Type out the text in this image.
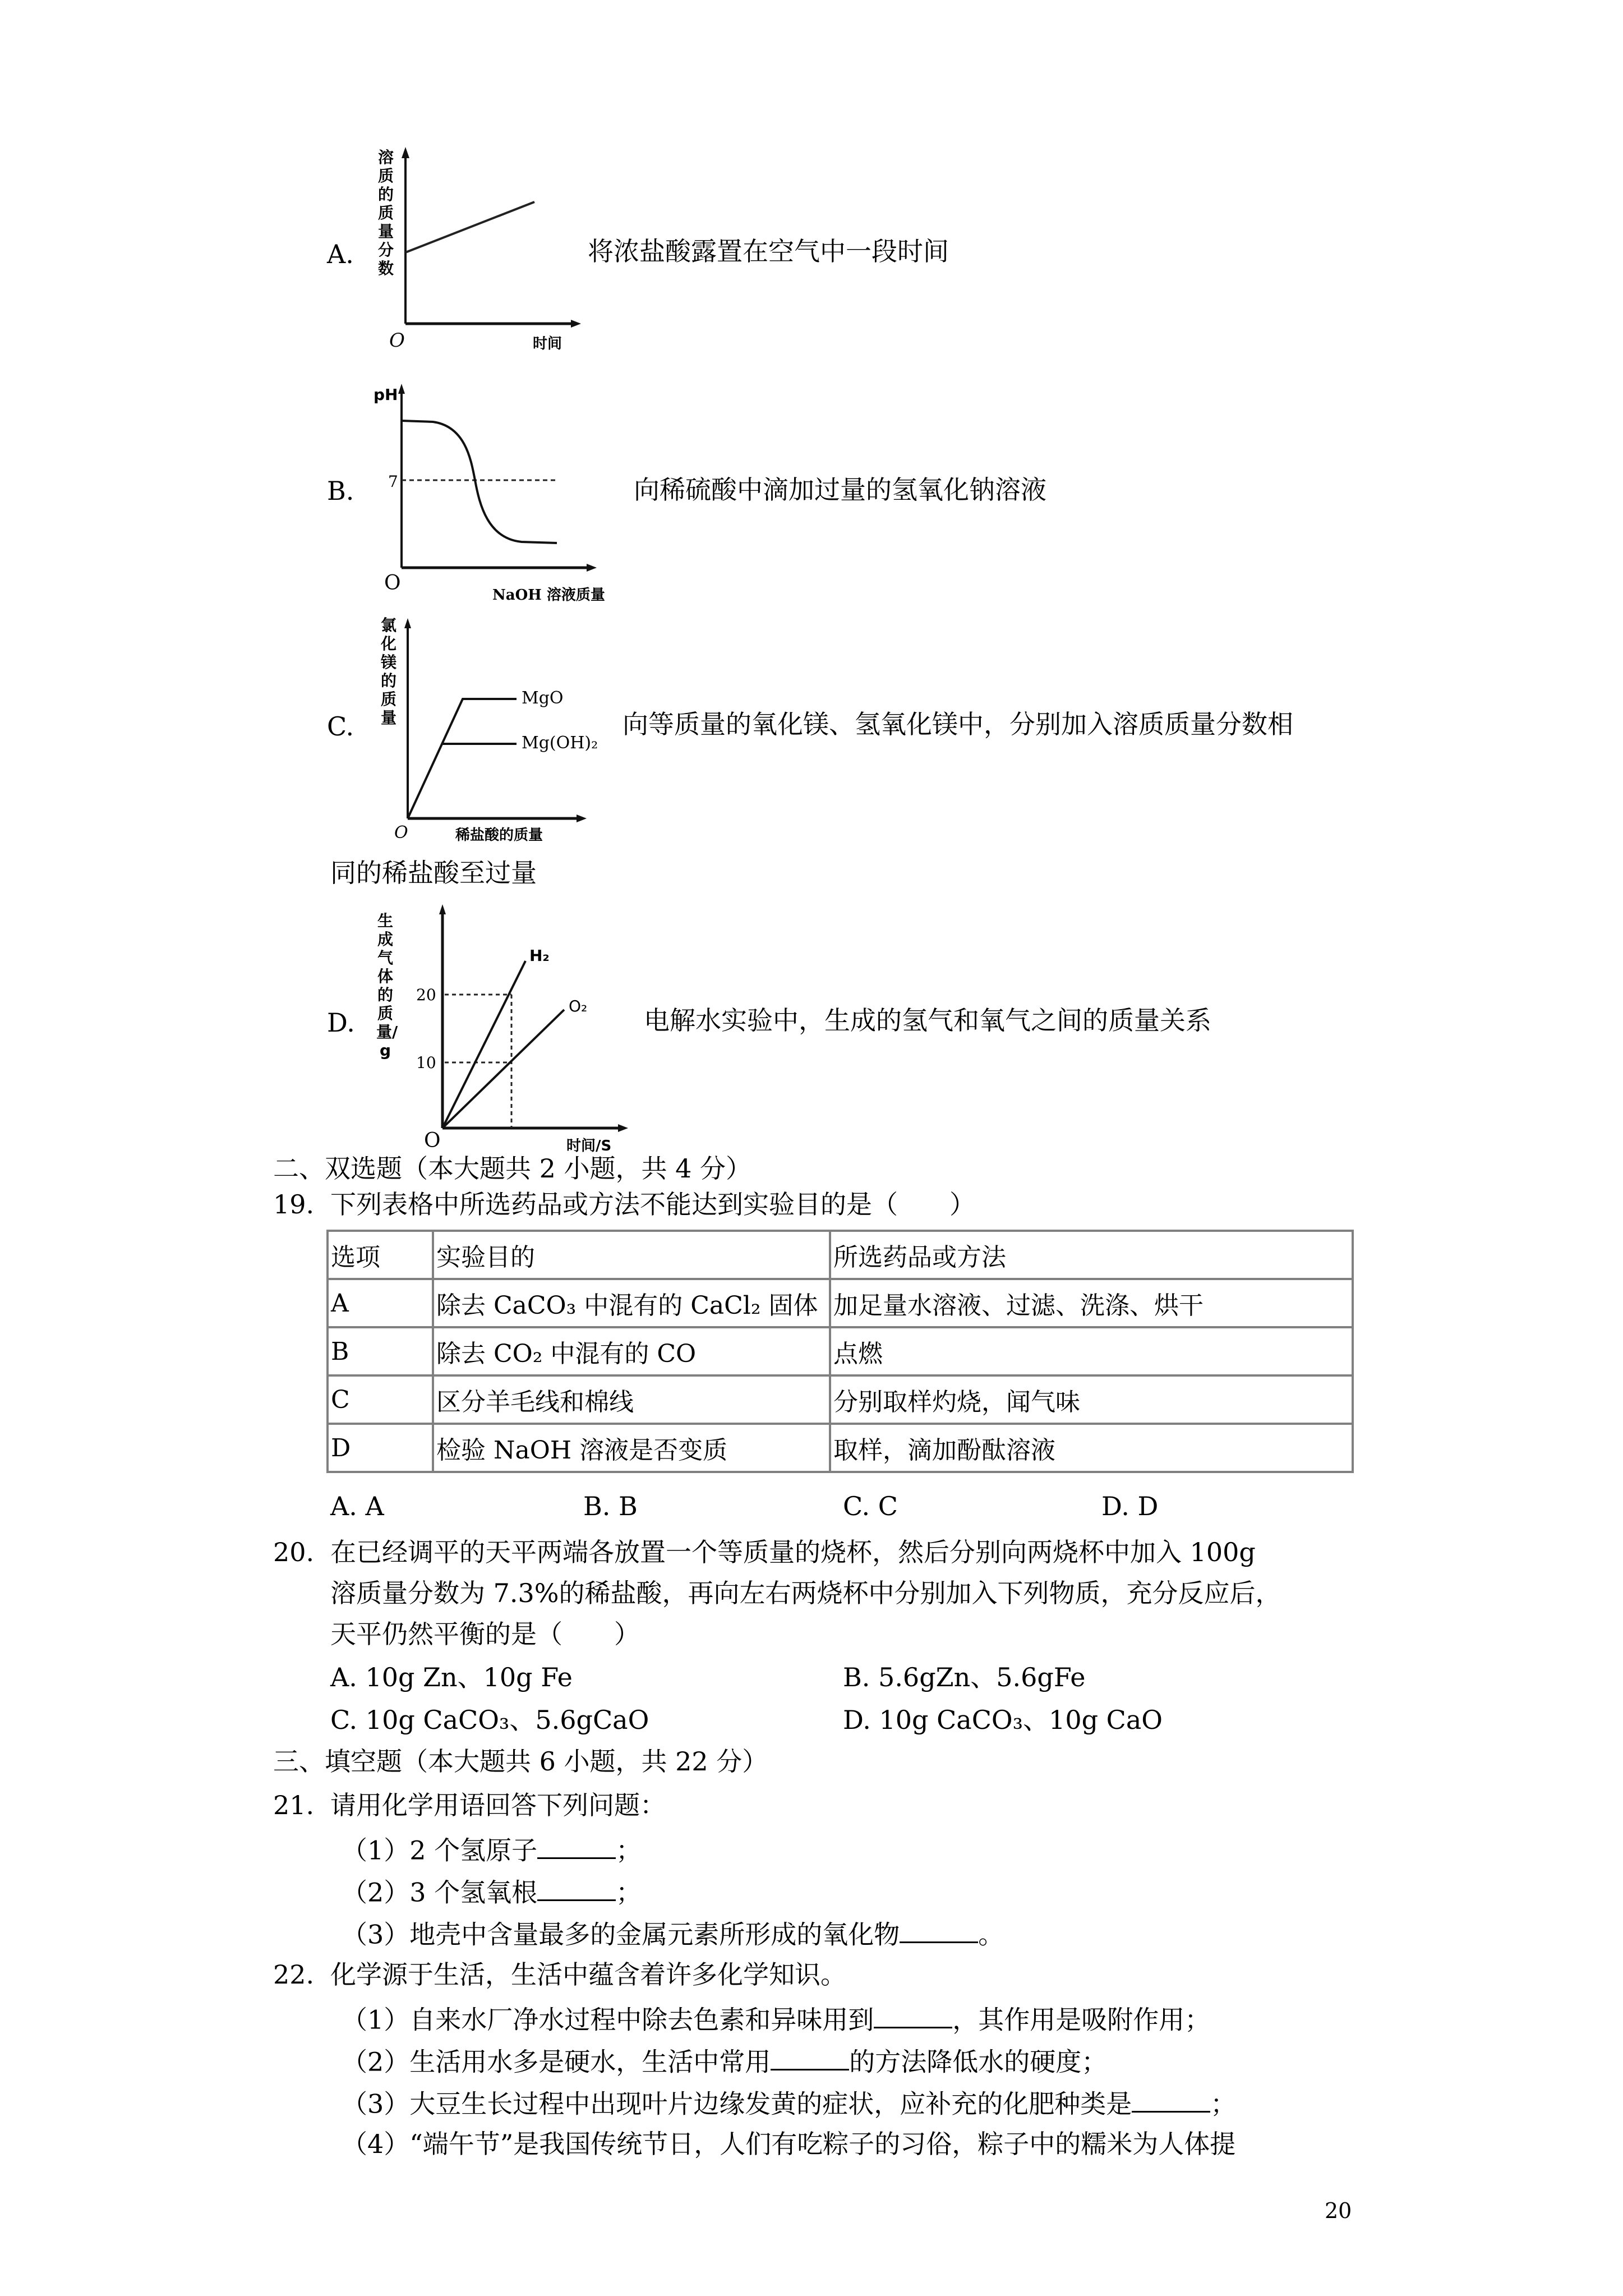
A.
溶质的质量分数
O	时间
将浓盐酸露置在空气中一段时间
B.
pH
7
O
NaOH 溶液质量
向稀硫酸中滴加过量的氢氧化钠溶液
C.
氯化镁的质量
MgO
Mg(OH)₂
O	稀盐酸的质量
向等质量的氧化镁、氢氧化镁中，分别加入溶质质量分数相
同的稀盐酸至过量
D.
生成气体的质量/g
20
10
H₂
O₂
O	时间/S
电解水实验中，生成的氢气和氧气之间的质量关系
二、双选题（本大题共 2 小题，共 4 分）
19. 下列表格中所选药品或方法不能达到实验目的是（　　）
选项	实验目的	所选药品或方法
A	除去 CaCO₃ 中混有的 CaCl₂ 固体	加足量水溶液、过滤、洗涤、烘干
B	除去 CO₂ 中混有的 CO	点燃
C	区分羊毛线和棉线	分别取样灼烧，闻气味
D	检验 NaOH 溶液是否变质	取样，滴加酚酞溶液
A. A	B. B	C. C	D. D
20. 在已经调平的天平两端各放置一个等质量的烧杯，然后分别向两烧杯中加入 100g
溶质量分数为 7.3%的稀盐酸，再向左右两烧杯中分别加入下列物质，充分反应后，
天平仍然平衡的是（　　）
A. 10g Zn、10g Fe	B. 5.6gZn、5.6gFe
C. 10g CaCO₃、5.6gCaO	D. 10g CaCO₃、10g CaO
三、填空题（本大题共 6 小题，共 22 分）
21. 请用化学用语回答下列问题：
（1）2 个氢原子	；
（2）3 个氢氧根	；
（3）地壳中含量最多的金属元素所形成的氧化物	。
22. 化学源于生活，生活中蕴含着许多化学知识。
（1）自来水厂净水过程中除去色素和异味用到	，其作用是吸附作用；
（2）生活用水多是硬水，生活中常用	的方法降低水的硬度；
（3）大豆生长过程中出现叶片边缘发黄的症状，应补充的化肥种类是	；
（4）“端午节”是我国传统节日，人们有吃粽子的习俗，粽子中的糯米为人体提
20
